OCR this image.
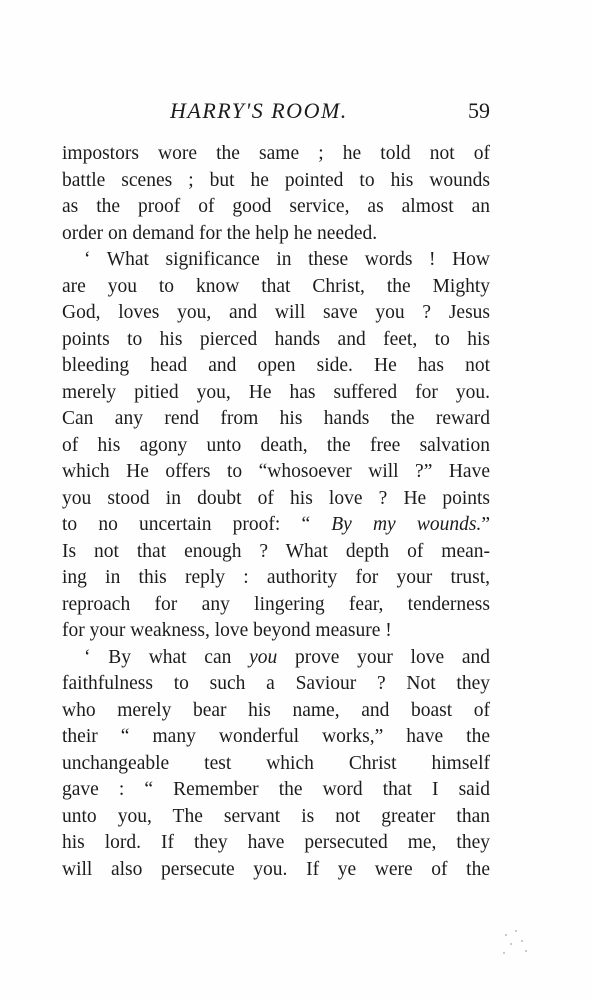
HARRY'S ROOM.	59
impostors wore the same ; he told not of
battle scenes ; but he pointed to his wounds
as the proof of good service, as almost an
order on demand for the help he needed.
‘ What significance in these words ! How
are you to know that Christ, the Mighty
God, loves you, and will save you ? Jesus
points to his pierced hands and feet, to his
bleeding head and open side. He has not
merely pitied you, He has suffered for you.
Can any rend from his hands the reward
of his agony unto death, the free salvation
which He offers to “whosoever will ?” Have
you stood in doubt of his love ? He points
to no uncertain proof: “ By my wounds.”
Is not that enough ? What depth of mean-
ing in this reply : authority for your trust,
reproach for any lingering fear, tenderness
for your weakness, love beyond measure !
‘ By what can you prove your love and
faithfulness to such a Saviour ? Not they
who merely bear his name, and boast of
their “ many wonderful works,” have the
unchangeable test which Christ himself
gave : “ Remember the word that I said
unto you, The servant is not greater than
his lord. If they have persecuted me, they
will also persecute you. If ye were of the
